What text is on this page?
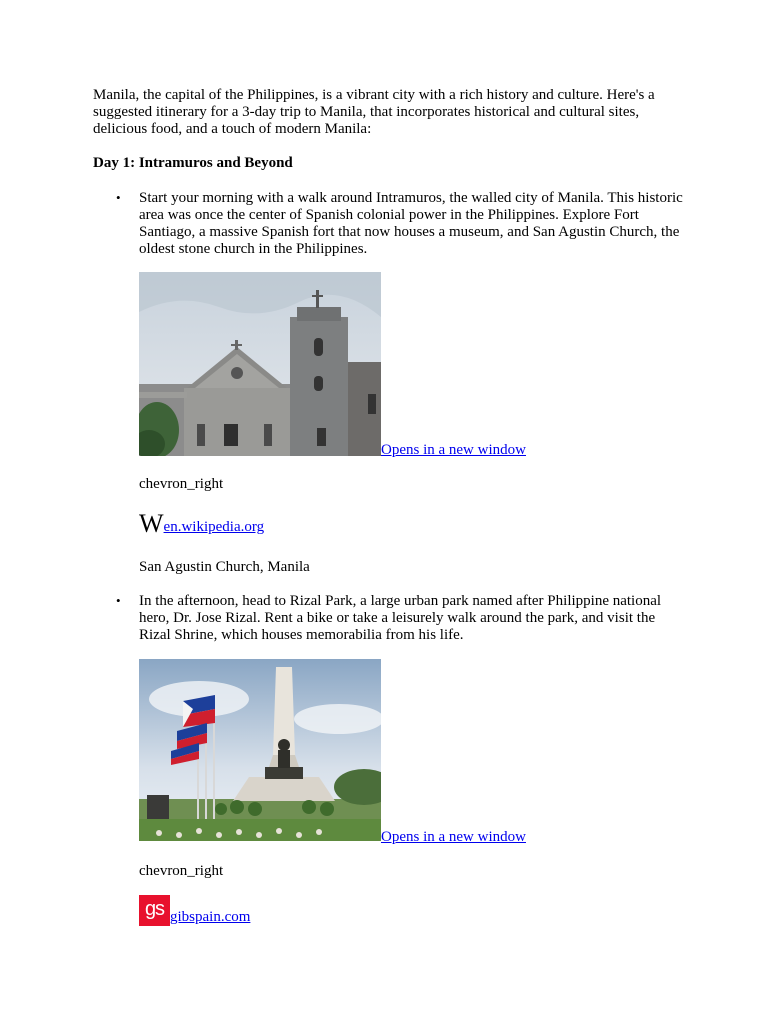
Manila, the capital of the Philippines, is a vibrant city with a rich history and culture. Here's a suggested itinerary for a 3-day trip to Manila, that incorporates historical and cultural sites, delicious food, and a touch of modern Manila:

Day 1: Intramuros and Beyond
• Start your morning with a walk around Intramuros, the walled city of Manila. This historic area was once the center of Spanish colonial power in the Philippines. Explore Fort Santiago, a massive Spanish fort that now houses a museum, and San Agustin Church, the oldest stone church in the Philippines.

Opens in a new window

chevron_right

W en.wikipedia.org

San Agustin Church, Manila

• In the afternoon, head to Rizal Park, a large urban park named after Philippine national hero, Dr. Jose Rizal. Rent a bike or take a leisurely walk around the park, and visit the Rizal Shrine, which houses memorabilia from his life.

Opens in a new window

chevron_right

gs gibspain.com
